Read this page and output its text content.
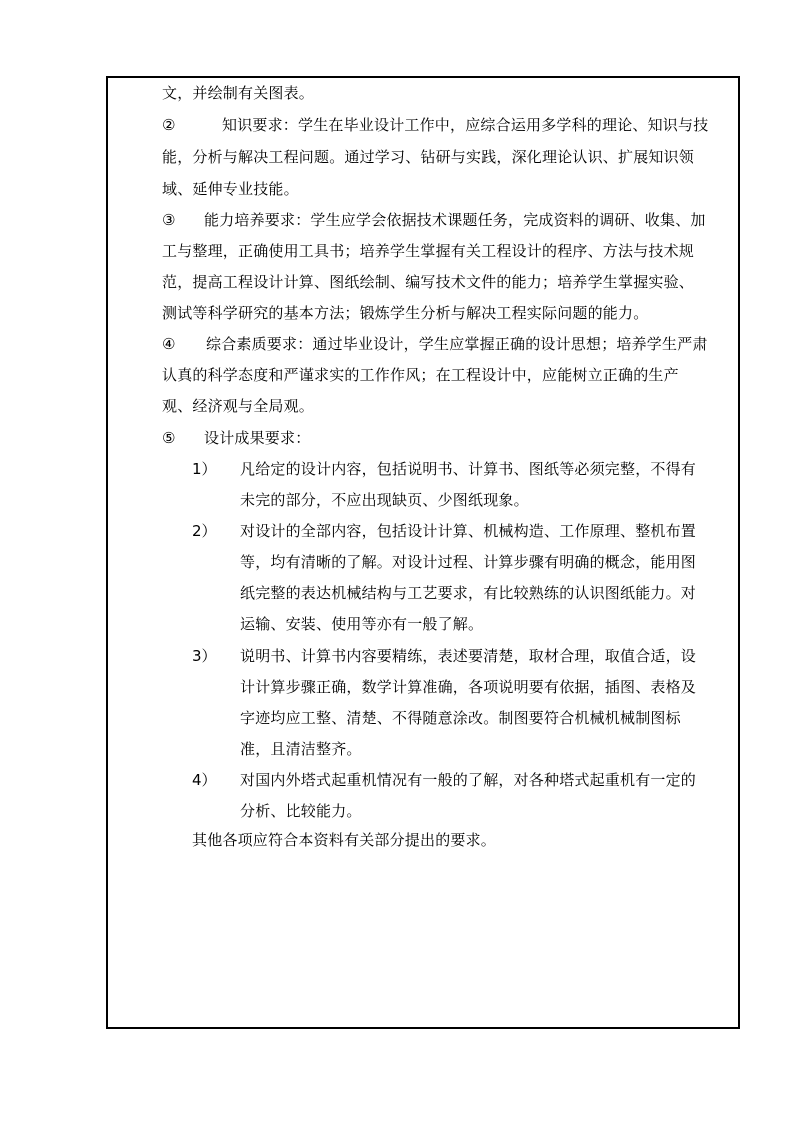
文，并绘制有关图表。
②	知识要求：学生在毕业设计工作中，应综合运用多学科的理论、知识与技
能，分析与解决工程问题。通过学习、钻研与实践，深化理论认识、扩展知识领
域、延伸专业技能。
③ 能力培养要求：学生应学会依据技术课题任务，完成资料的调研、收集、加
工与整理，正确使用工具书；培养学生掌握有关工程设计的程序、方法与技术规
范，提高工程设计计算、图纸绘制、编写技术文件的能力；培养学生掌握实验、
测试等科学研究的基本方法；锻炼学生分析与解决工程实际问题的能力。
④ 综合素质要求：通过毕业设计，学生应掌握正确的设计思想；培养学生严肃
认真的科学态度和严谨求实的工作作风；在工程设计中，应能树立正确的生产
观、经济观与全局观。
⑤ 设计成果要求：
1） 凡给定的设计内容，包括说明书、计算书、图纸等必须完整，不得有
未完的部分，不应出现缺页、少图纸现象。
2） 对设计的全部内容，包括设计计算、机械构造、工作原理、整机布置
等，均有清晰的了解。对设计过程、计算步骤有明确的概念，能用图
纸完整的表达机械结构与工艺要求，有比较熟练的认识图纸能力。对
运输、安装、使用等亦有一般了解。
3） 说明书、计算书内容要精练，表述要清楚，取材合理，取值合适，设
计计算步骤正确，数学计算准确，各项说明要有依据，插图、表格及
字迹均应工整、清楚、不得随意涂改。制图要符合机械机械制图标
准，且清洁整齐。
4） 对国内外塔式起重机情况有一般的了解，对各种塔式起重机有一定的
分析、比较能力。
其他各项应符合本资料有关部分提出的要求。
